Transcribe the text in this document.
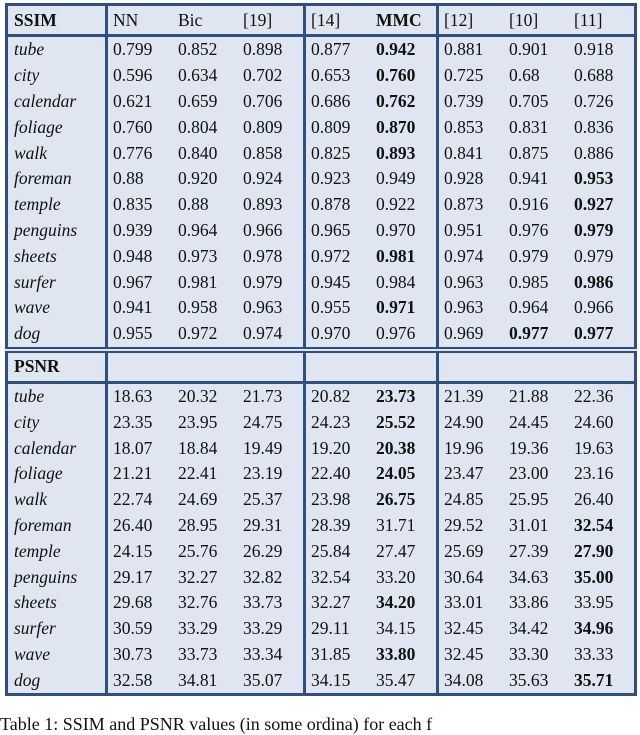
SSIM		NN	Bic	[19]		[14]	MMC		[12]	[10]	[11]
tube		0.799	0.852	0.898		0.877	0.942		0.881	0.901	0.918
city		0.596	0.634	0.702		0.653	0.760		0.725	0.68	0.688
calendar		0.621	0.659	0.706		0.686	0.762		0.739	0.705	0.726
foliage		0.760	0.804	0.809		0.809	0.870		0.853	0.831	0.836
walk		0.776	0.840	0.858		0.825	0.893		0.841	0.875	0.886
foreman		0.88	0.920	0.924		0.923	0.949		0.928	0.941	0.953
temple		0.835	0.88	0.893		0.878	0.922		0.873	0.916	0.927
penguins		0.939	0.964	0.966		0.965	0.970		0.951	0.976	0.979
sheets		0.948	0.973	0.978		0.972	0.981		0.974	0.979	0.979
surfer		0.967	0.981	0.979		0.945	0.984		0.963	0.985	0.986
wave		0.941	0.958	0.963		0.955	0.971		0.963	0.964	0.966
dog		0.955	0.972	0.974		0.970	0.976		0.969	0.977	0.977
PSNR											
tube		18.63	20.32	21.73		20.82	23.73		21.39	21.88	22.36
city		23.35	23.95	24.75		24.23	25.52		24.90	24.45	24.60
calendar		18.07	18.84	19.49		19.20	20.38		19.96	19.36	19.63
foliage		21.21	22.41	23.19		22.40	24.05		23.47	23.00	23.16
walk		22.74	24.69	25.37		23.98	26.75		24.85	25.95	26.40
foreman		26.40	28.95	29.31		28.39	31.71		29.52	31.01	32.54
temple		24.15	25.76	26.29		25.84	27.47		25.69	27.39	27.90
penguins		29.17	32.27	32.82		32.54	33.20		30.64	34.63	35.00
sheets		29.68	32.76	33.73		32.27	34.20		33.01	33.86	33.95
surfer		30.59	33.29	33.29		29.11	34.15		32.45	34.42	34.96
wave		30.73	33.73	33.34		31.85	33.80		32.45	33.30	33.33
dog		32.58	34.81	35.07		34.15	35.47		34.08	35.63	35.71
Table 1: SSIM and PSNR values (in some ordina) for each f
